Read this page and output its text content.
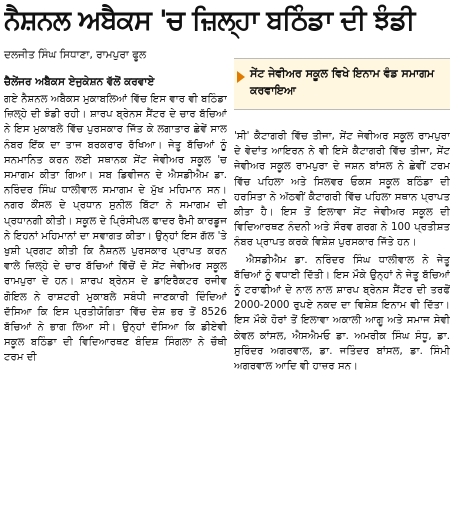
ਨੈਸ਼ਨਲ ਅਬੈਕਸ 'ਚ ਜ਼ਿਲ੍ਹਾ ਬਠਿੰਡਾ ਦੀ ਝੰਡੀ
ਦਲਜੀਤ ਸਿੰਘ ਸਿਧਾਣਾ, ਰਾਮਪੁਰਾ ਫੂਲ

ਚੈਲੇਂਜਰ ਅਬੈਕਸ ਏਜੁਕੇਸ਼ਨ ਵੱਲੋਂ ਕਰਵਾਏ

ਗਏ ਨੈਸ਼ਨਲ ਅਬੈਕਸ ਮੁਕਾਬਲਿਆਂ ਵਿੱਚ ਇਸ ਵਾਰ ਵੀ ਬਠਿੰਡਾ ਜ਼ਿਲ੍ਹੇ ਦੀ ਝੰਡੀ ਰਹੀ। ਸ਼ਾਰਪ ਬ੍ਰੇਨਸ ਸੈਂਟਰ ਦੇ ਚਾਰ ਬੱਚਿਆਂ ਨੇ ਇਸ ਮੁਕਾਬਲੇ ਵਿੱਚ ਪੁਰਸਕਾਰ ਜਿੱਤ ਕੇ ਲਗਾਤਾਰ ਛੇਵੇਂ ਸਾਲ ਨੰਬਰ ਇੱਕ ਦਾ ਤਾਜ ਬਰਕਰਾਰ ਰੱਖਿਆ। ਜੇਤੂ ਬੱਚਿਆਂ ਨੂੰ ਸਨਮਾਨਿਤ ਕਰਨ ਲਈ ਸਥਾਨਕ ਸੇਂਟ ਜੇਵੀਅਰ ਸਕੂਲ 'ਚ ਸਮਾਗਮ ਕੀਤਾ ਗਿਆ। ਸਬ ਡਿਵੀਜਨ ਦੇ ਐਸਡੀਐਮ ਡਾ. ਨਰਿੰਦਰ ਸਿੰਘ ਧਾਲੀਵਾਲ ਸਮਾਗਮ ਦੇ ਮੁੱਖ ਮਹਿਮਾਨ ਸਨ। ਨਗਰ ਕੌਂਸਲ ਦੇ ਪ੍ਰਧਾਨ ਸੁਨੀਲ ਬਿੱਟਾ ਨੇ ਸਮਾਗਮ ਦੀ ਪ੍ਰਧਾਨਗੀ ਕੀਤੀ। ਸਕੂਲ ਦੇ ਪ੍ਰਿੰਸੀਪਲ ਫਾਦਰ ਰੈਮੀ ਕਾਰਡੂਜ ਨੇ ਇਹਨਾਂ ਮਹਿਮਾਨਾਂ ਦਾ ਸਵਾਗਤ ਕੀਤਾ। ਉਨ੍ਹਾਂ ਇਸ ਗੱਲ 'ਤੇ ਖੁਸ਼ੀ ਪ੍ਰਗਟ ਕੀਤੀ ਕਿ ਨੈਸ਼ਨਲ ਪੁਰਸਕਾਰ ਪ੍ਰਾਪਤ ਕਰਨ ਵਾਲੇ ਜ਼ਿਲ੍ਹੇ ਦੇ ਚਾਰ ਬੱਚਿਆਂ ਵਿੱਚੋਂ ਦੋ ਸੇਂਟ ਜੇਵੀਅਰ ਸਕੂਲ ਰਾਮਪੁਰਾ ਦੇ ਹਨ। ਸ਼ਾਰਪ ਬ੍ਰੇਨਸ ਦੇ ਡਾਇਰੈਕਟਰ ਰਜੀਵ ਗੋਇਲ ਨੇ ਰਾਸ਼ਟਰੀ ਮੁਕਾਬਲੇ ਸਬੰਧੀ ਜਾਣਕਾਰੀ ਦਿੰਦਿਆਂ ਦੱਸਿਆ ਕਿ ਇਸ ਪ੍ਰਤੀਯੋਗਿਤਾ ਵਿੱਚ ਦੇਸ਼ ਭਰ ਤੋਂ 8526 ਬੱਚਿਆਂ ਨੇ ਭਾਗ ਲਿਆ ਸੀ। ਉਨ੍ਹਾਂ ਦੱਸਿਆ ਕਿ ਡੀਏਵੀ ਸਕੂਲ ਬਠਿੰਡਾ ਦੀ ਵਿਦਿਆਰਥਣ ਬੰਦਿਸ਼ ਸਿੰਗਲਾ ਨੇ ਚੌਥੀ ਟਰਮ ਦੀ

ਸੇਂਟ ਜੇਵੀਅਰ ਸਕੂਲ ਵਿਖੇ ਇਨਾਮ ਵੰਡ ਸਮਾਗਮ ਕਰਵਾਇਆ

'ਸੀ' ਕੈਟਾਗਰੀ ਵਿੱਚ ਤੀਜਾ, ਸੇਂਟ ਜੇਵੀਅਰ ਸਕੂਲ ਰਾਮਪੁਰਾ ਦੇ ਵੇਦਾਂਤ ਆਇਰਨ ਨੇ ਵੀ ਇਸੇ ਕੈਟਾਗਰੀ ਵਿੱਚ ਤੀਜਾ, ਸੇਂਟ ਜੇਵੀਅਰ ਸਕੂਲ ਰਾਮਪੁਰਾ ਦੇ ਜਸ਼ਨ ਬਾਂਸਲ ਨੇ ਛੇਵੀਂ ਟਰਮ ਵਿੱਚ ਪਹਿਲਾ ਅਤੇ ਸਿਲਵਰ ਓਕਸ ਸਕੂਲ ਬਠਿੰਡਾ ਦੀ ਹਰਸਿਤਾ ਨੇ ਅੱਠਵੀਂ ਕੈਟਾਗਰੀ ਵਿੱਚ ਪਹਿਲਾ ਸਥਾਨ ਪ੍ਰਾਪਤ ਕੀਤਾ ਹੈ। ਇਸ ਤੋਂ ਇਲਾਵਾ ਸੇਂਟ ਜੇਵੀਅਰ ਸਕੂਲ ਦੀ ਵਿਦਿਆਰਥਣ ਨੰਦਨੀ ਅਤੇ ਸੌਰਵ ਗਰਗ ਨੇ 100 ਪ੍ਰਤੀਸ਼ਤ ਨੰਬਰ ਪ੍ਰਾਪਤ ਕਰਕੇ ਵਿਸ਼ੇਸ਼ ਪੁਰਸਕਾਰ ਜਿੱਤੇ ਹਨ।

ਐਸਡੀਐਮ ਡਾ. ਨਰਿੰਦਰ ਸਿੰਘ ਧਾਲੀਵਾਲ ਨੇ ਜੇਤੂ ਬੱਚਿਆਂ ਨੂੰ ਵਧਾਈ ਦਿੱਤੀ। ਇਸ ਮੌਕੇ ਉਨ੍ਹਾਂ ਨੇ ਜੇਤੂ ਬੱਚਿਆਂ ਨੂੰ ਟਰਾਫੀਆਂ ਦੇ ਨਾਲ ਨਾਲ ਸ਼ਾਰਪ ਬ੍ਰੇਨਸ ਸੈਂਟਰ ਦੀ ਤਰਫੋਂ 2000-2000 ਰੁਪਏ ਨਕਦ ਦਾ ਵਿਸ਼ੇਸ਼ ਇਨਾਮ ਵੀ ਦਿੱਤਾ। ਇਸ ਮੌਕੇ ਹੋਰਾਂ ਤੋਂ ਇਲਾਵਾ ਅਕਾਲੀ ਆਗੂ ਅਤੇ ਸਮਾਜ ਸੇਵੀ ਕੇਵਲ ਕਾਂਸਲ, ਐਸਐਮਓ ਡਾ. ਅਮਰੀਕ ਸਿੰਘ ਸੰਧੂ, ਡਾ. ਸੁਰਿੰਦਰ ਅਗਰਵਾਲ, ਡਾ. ਜਤਿੰਦਰ ਬਾਂਸਲ, ਡਾ. ਸਿੰਮੀ ਅਗਰਵਾਲ ਆਦਿ ਵੀ ਹਾਜ਼ਰ ਸਨ।
